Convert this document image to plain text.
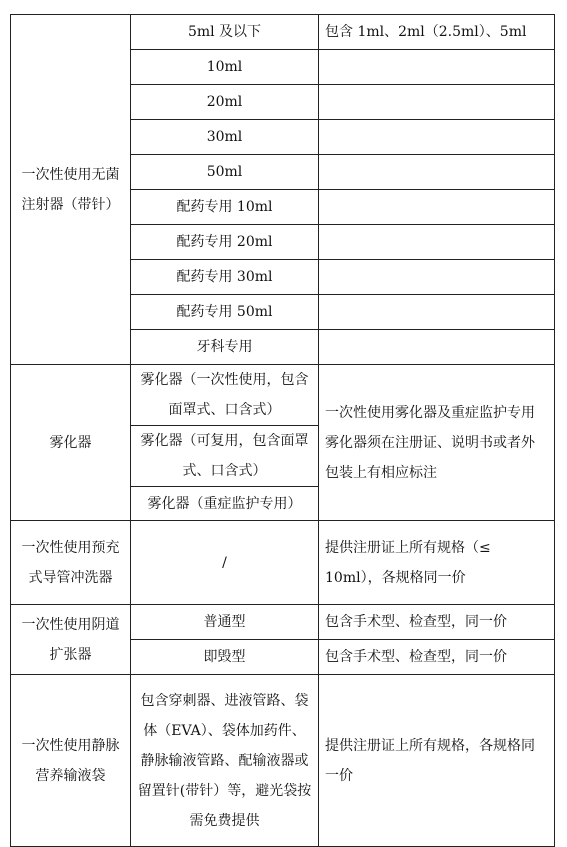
一次性使用无菌注射器（带针）	5ml 及以下	包含 1ml、2ml（2.5ml）、5ml
	10ml	
	20ml	
	30ml	
	50ml	
	配药专用 10ml	
	配药专用 20ml	
	配药专用 30ml	
	配药专用 50ml	
	牙科专用	
雾化器	雾化器（一次性使用，包含面罩式、口含式）	一次性使用雾化器及重症监护专用雾化器须在注册证、说明书或者外包装上有相应标注
	雾化器（可复用，包含面罩式、口含式）	
	雾化器（重症监护专用）	
一次性使用预充式导管冲洗器	/	提供注册证上所有规格（≤ 10ml），各规格同一价
一次性使用阴道扩张器	普通型	包含手术型、检查型，同一价
	即毁型	包含手术型、检查型，同一价
一次性使用静脉营养输液袋	包含穿刺器、进液管路、袋体（EVA）、袋体加药件、静脉输液管路、配输液器或留置针(带针）等，避光袋按需免费提供	提供注册证上所有规格，各规格同一价
